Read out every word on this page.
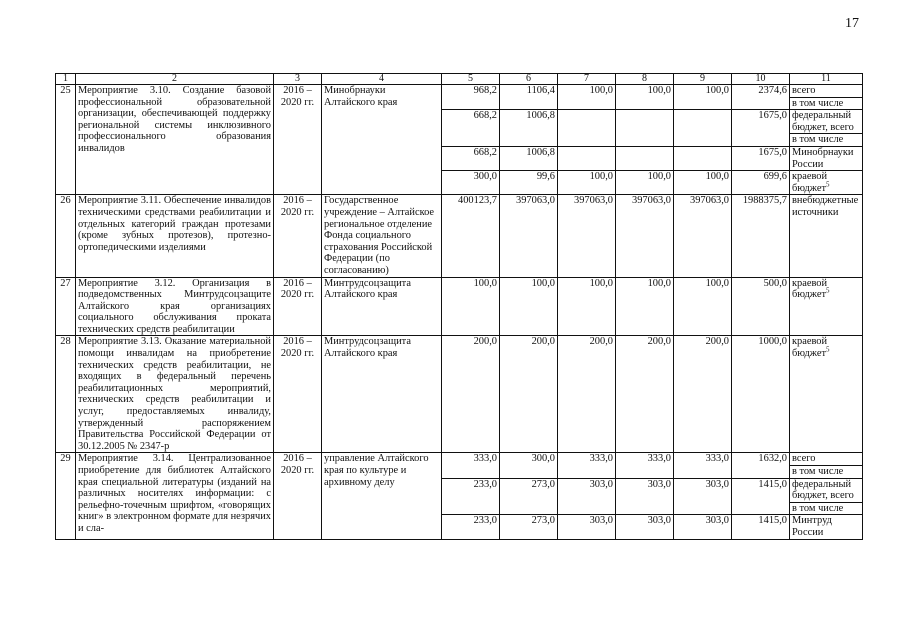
17
1	2	3	4	5	6	7	8	9	10	11
25	Мероприятие 3.10. Создание базовой профессиональной образовательной организации, обеспечивающей поддержку региональной системы инклюзивного профессионального образования инвалидов	2016 – 2020 гг.	Минобрнауки Алтайского края	968,2	1106,4	100,0	100,0	100,0	2374,6	всего
в том числе

				668,2	1006,8				1675,0	федеральный бюджет, всего
в том числе

				668,2	1006,8				1675,0	Минобрнауки России

				300,0	99,6	100,0	100,0	100,0	699,6	краевой бюджет$^5$

26	Мероприятие 3.11. Обеспечение инвалидов техническими средствами реабилитации и отдельных категорий граждан протезами (кроме зубных протезов), протезно-ортопедическими изделиями	2016 – 2020 гг.	Государственное учреждение – Алтайское региональное отделение Фонда социального страхования Российской Федерации (по согласованию)	400123,7	397063,0	397063,0	397063,0	397063,0	1988375,7	внебюджетные источники

27	Мероприятие 3.12. Организация в подведомственных Минтрудсоцзащите Алтайского края организациях социального обслуживания проката технических средств реабилитации	2016 – 2020 гг.	Минтрудсоцзащита Алтайского края	100,0	100,0	100,0	100,0	100,0	500,0	краевой бюджет$^5$

28	Мероприятие 3.13. Оказание материальной помощи инвалидам на приобретение технических средств реабилитации, не входящих в федеральный перечень реабилитационных мероприятий, технических средств реабилитации и услуг, предоставляемых инвалиду, утвержденный распоряжением Правительства Российской Федерации от 30.12.2005 № 2347-р	2016 – 2020 гг.	Минтрудсоцзащита Алтайского края	200,0	200,0	200,0	200,0	200,0	1000,0	краевой бюджет$^5$

29	Мероприятие 3.14. Централизованное приобретение для библиотек Алтайского края специальной литературы (изданий на различных носителях информации: с рельефно-точечным шрифтом, «говорящих книг» в электронном формате для незрячих и сла-	2016 – 2020 гг.	управление Алтайского края по культуре и архивному делу	333,0	300,0	333,0	333,0	333,0	1632,0	всего
в том числе

				233,0	273,0	303,0	303,0	303,0	1415,0	федеральный бюджет, всего
в том числе

				233,0	273,0	303,0	303,0	303,0	1415,0	Минтруд России
